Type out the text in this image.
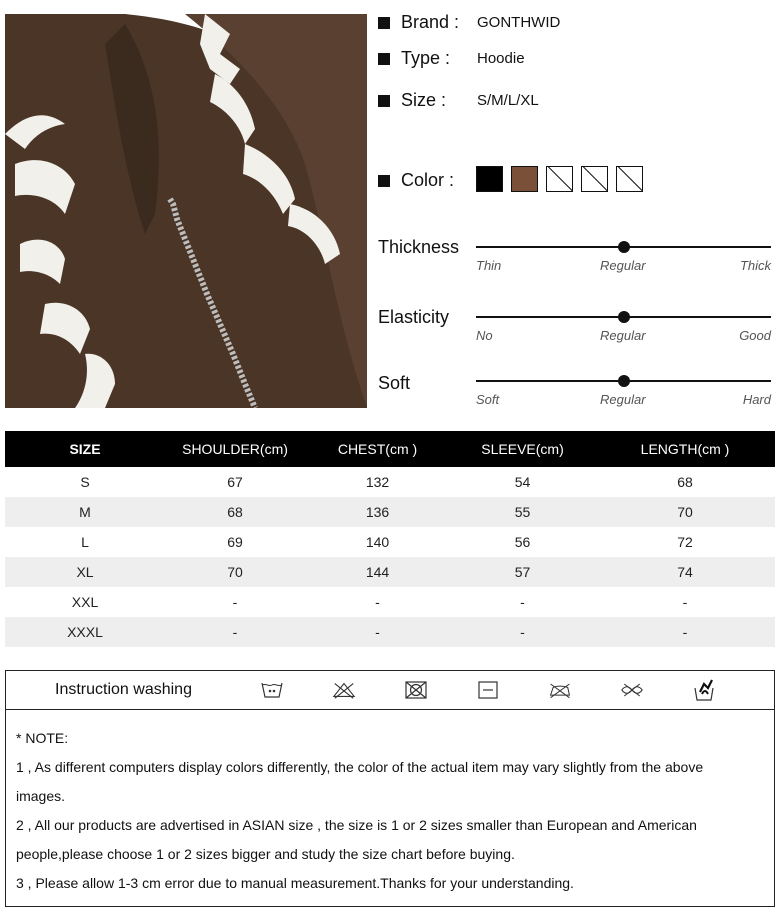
Brand :	GONTHWID
Type :	Hoodie
Size :	S/M/L/XL
Color :
Thickness
Thin	Regular	Thick
Elasticity
No	Regular	Good
Soft
Soft	Regular	Hard
SIZE	SHOULDER(cm)	CHEST(cm )	SLEEVE(cm)	LENGTH(cm )
S	67	132	54	68
M	68	136	55	70
L	69	140	56	72
XL	70	144	57	74
XXL	-	-	-	-
XXXL	-	-	-	-
Instruction washing

* NOTE:

1 , As different computers display colors differently, the color of the actual item may vary slightly from the above

images.

2 , All our products are advertised in ASIAN size , the size is 1 or 2 sizes smaller than European and American

people,please choose 1 or 2 sizes bigger and study the size chart before buying.

3 , Please allow 1-3 cm error due to manual measurement.Thanks for your understanding.
